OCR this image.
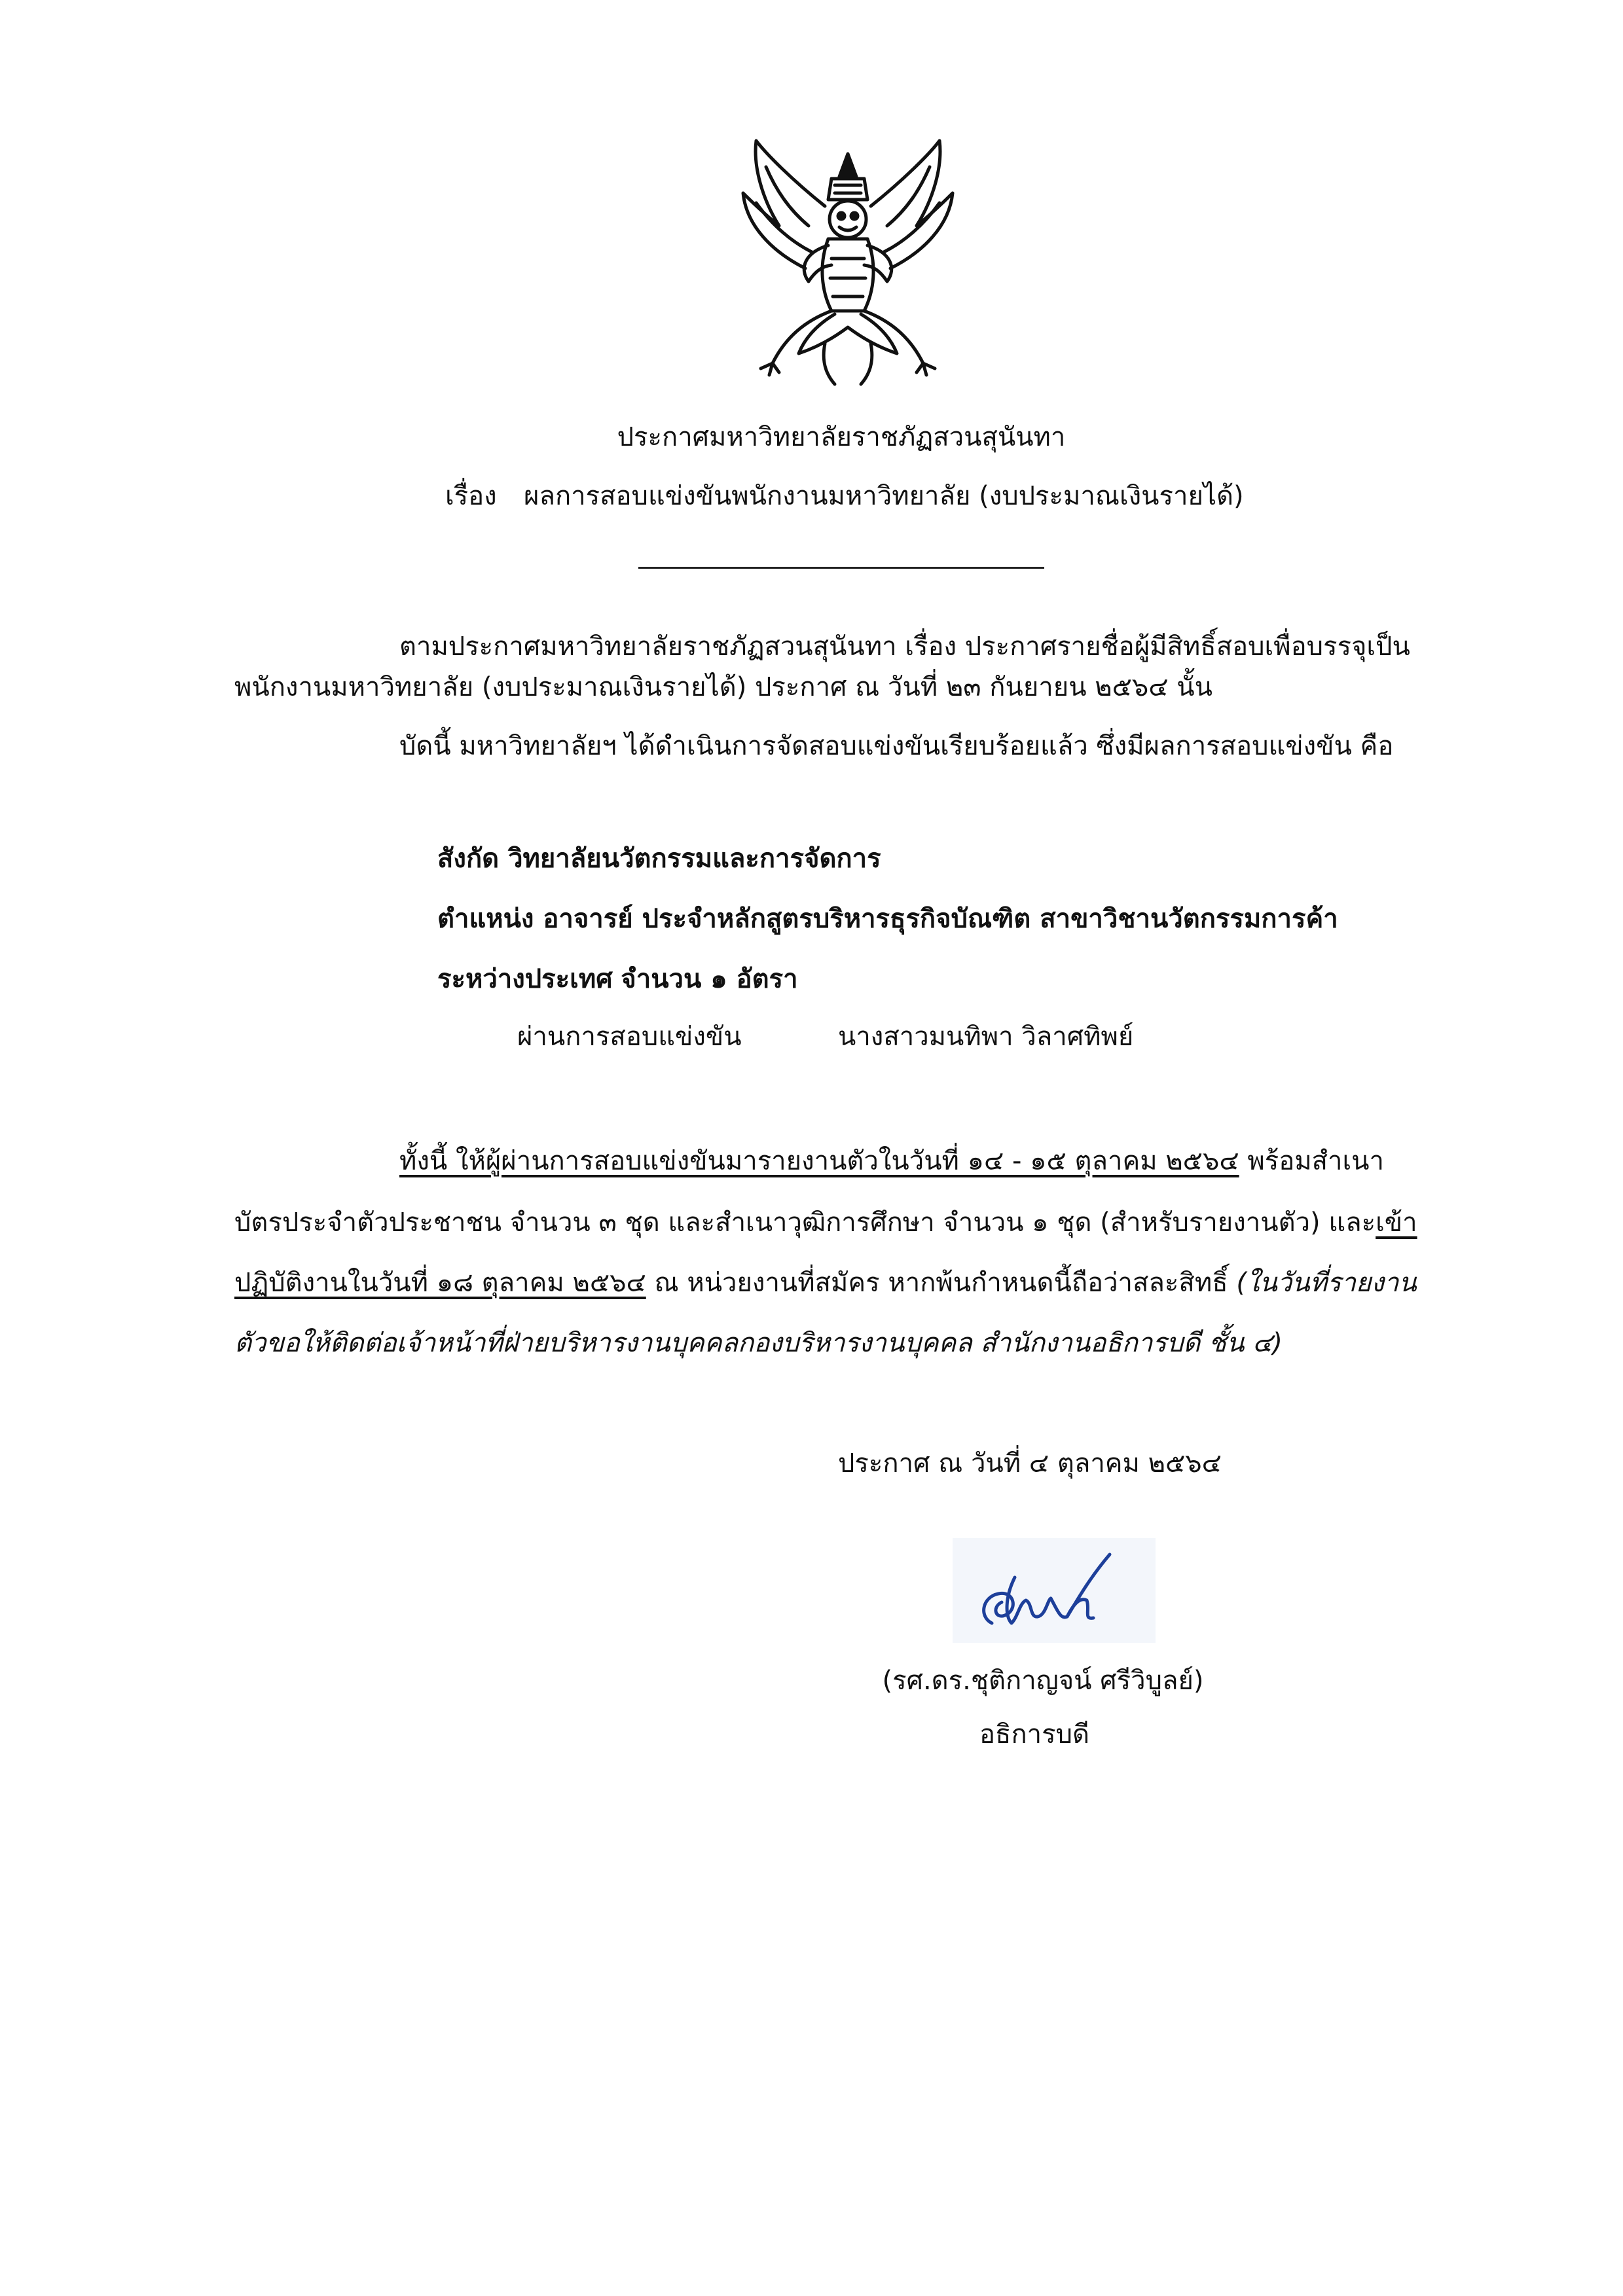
ประกาศมหาวิทยาลัยราชภัฏสวนสุนันทา
เรื่อง ผลการสอบแข่งขันพนักงานมหาวิทยาลัย (งบประมาณเงินรายได้)
ตามประกาศมหาวิทยาลัยราชภัฏสวนสุนันทา เรื่อง ประกาศรายชื่อผู้มีสิทธิ์สอบเพื่อบรรจุเป็น
พนักงานมหาวิทยาลัย (งบประมาณเงินรายได้) ประกาศ ณ วันที่ ๒๓ กันยายน ๒๕๖๔ นั้น
บัดนี้ มหาวิทยาลัยฯ ได้ดำเนินการจัดสอบแข่งขันเรียบร้อยแล้ว ซึ่งมีผลการสอบแข่งขัน คือ
สังกัด วิทยาลัยนวัตกรรมและการจัดการ
ตำแหน่ง อาจารย์ ประจำหลักสูตรบริหารธุรกิจบัณฑิต สาขาวิชานวัตกรรมการค้า
ระหว่างประเทศ จำนวน ๑ อัตรา
ผ่านการสอบแข่งขัน	นางสาวมนทิพา วิลาศทิพย์
ทั้งนี้ ให้ผู้ผ่านการสอบแข่งขันมารายงานตัวในวันที่ ๑๔ - ๑๕ ตุลาคม ๒๕๖๔ พร้อมสำเนา
บัตรประจำตัวประชาชน จำนวน ๓ ชุด และสำเนาวุฒิการศึกษา จำนวน ๑ ชุด (สำหรับรายงานตัว) และเข้า
ปฏิบัติงานในวันที่ ๑๘ ตุลาคม ๒๕๖๔ ณ หน่วยงานที่สมัคร หากพ้นกำหนดนี้ถือว่าสละสิทธิ์ (ในวันที่รายงาน
ตัวขอให้ติดต่อเจ้าหน้าที่ฝ่ายบริหารงานบุคคลกองบริหารงานบุคคล สำนักงานอธิการบดี ชั้น ๔)
ประกาศ ณ วันที่ ๔ ตุลาคม ๒๕๖๔
(รศ.ดร.ชุติกาญจน์ ศรีวิบูลย์)
อธิการบดี
